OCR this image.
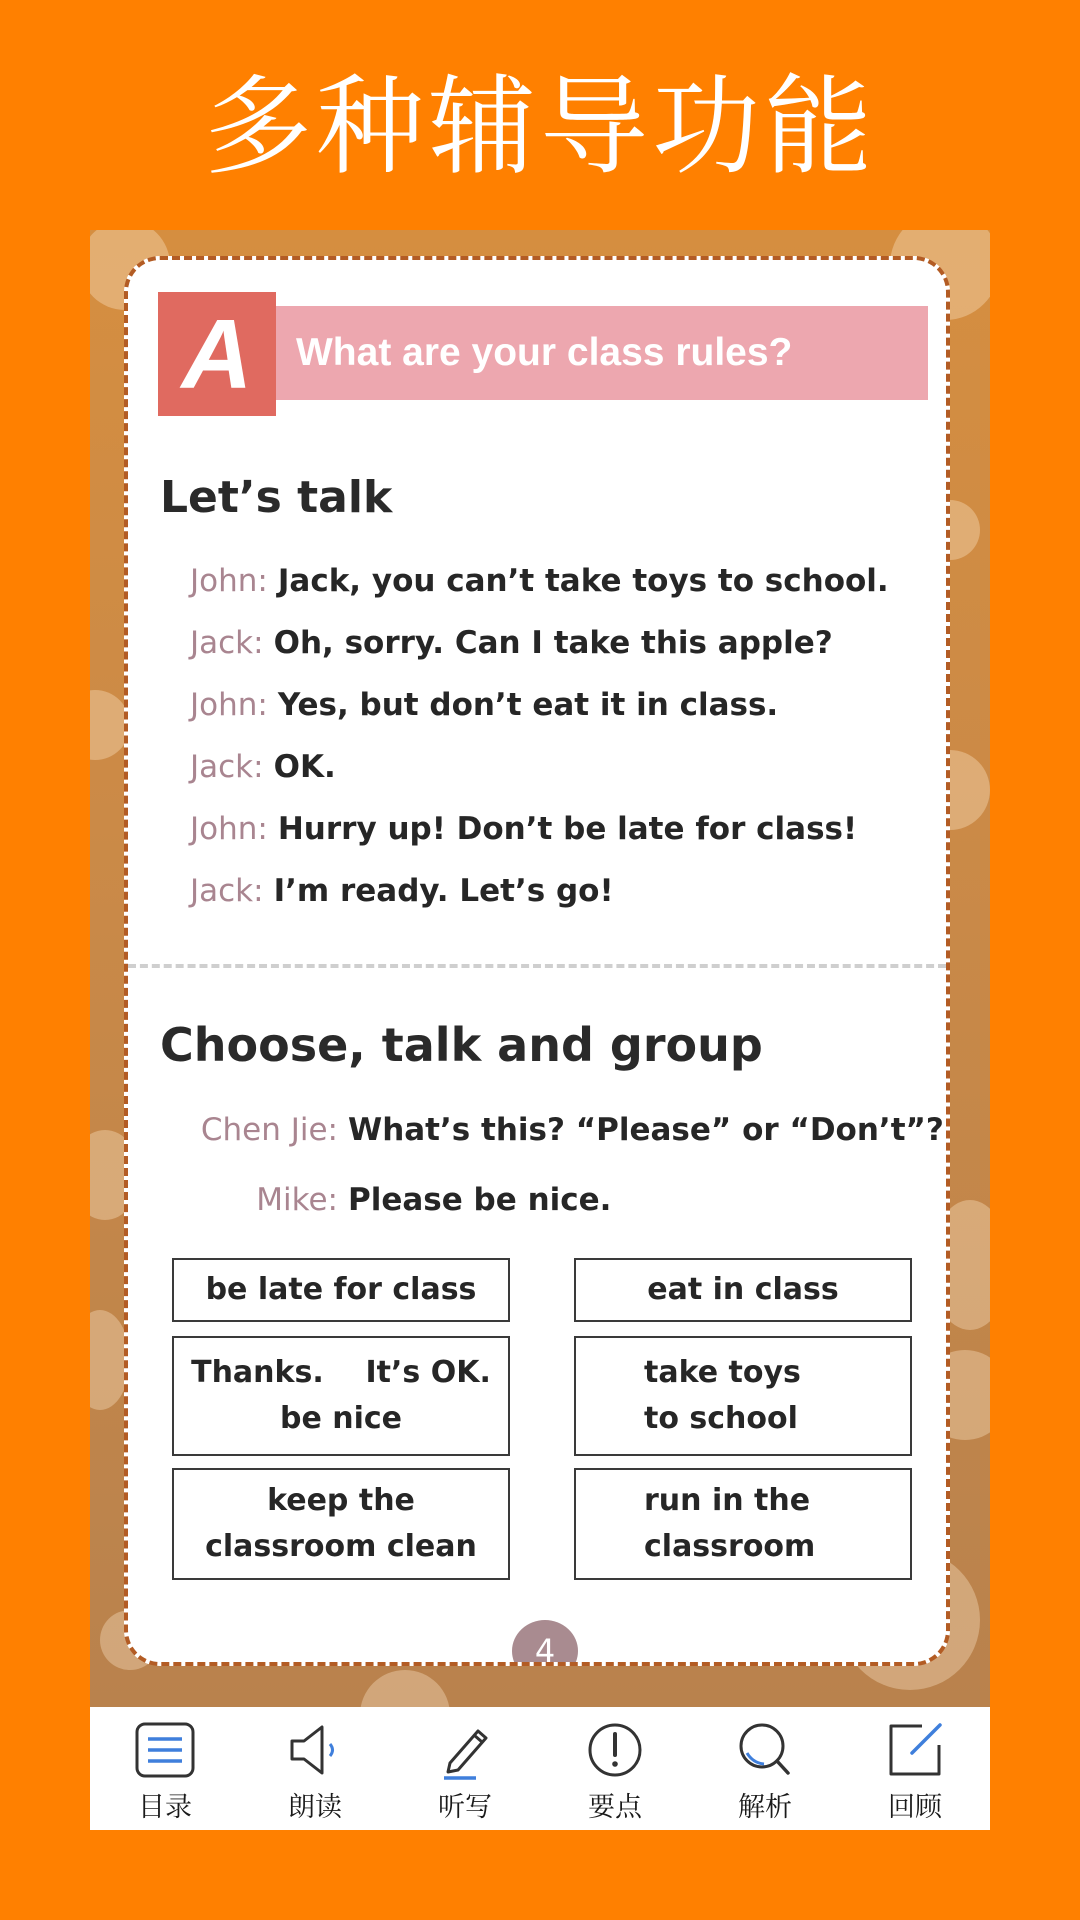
多种辅导功能
A	What are your class rules?
Let’s talk
John: Jack, you can’t take toys to school.
Jack: Oh, sorry. Can I take this apple?
John: Yes, but don’t eat it in class.
Jack: OK.
John: Hurry up! Don’t be late for class!
Jack: I’m ready. Let’s go!
Choose, talk and group
Chen Jie: What’s this? “Please” or “Don’t”?
Mike: Please be nice.
be late for class	eat in class
Thanks.    It’s OK.
be nice
take toys
to school
keep the
classroom clean
run in the
classroom
4
目录	朗读	听写	要点	解析	回顾
